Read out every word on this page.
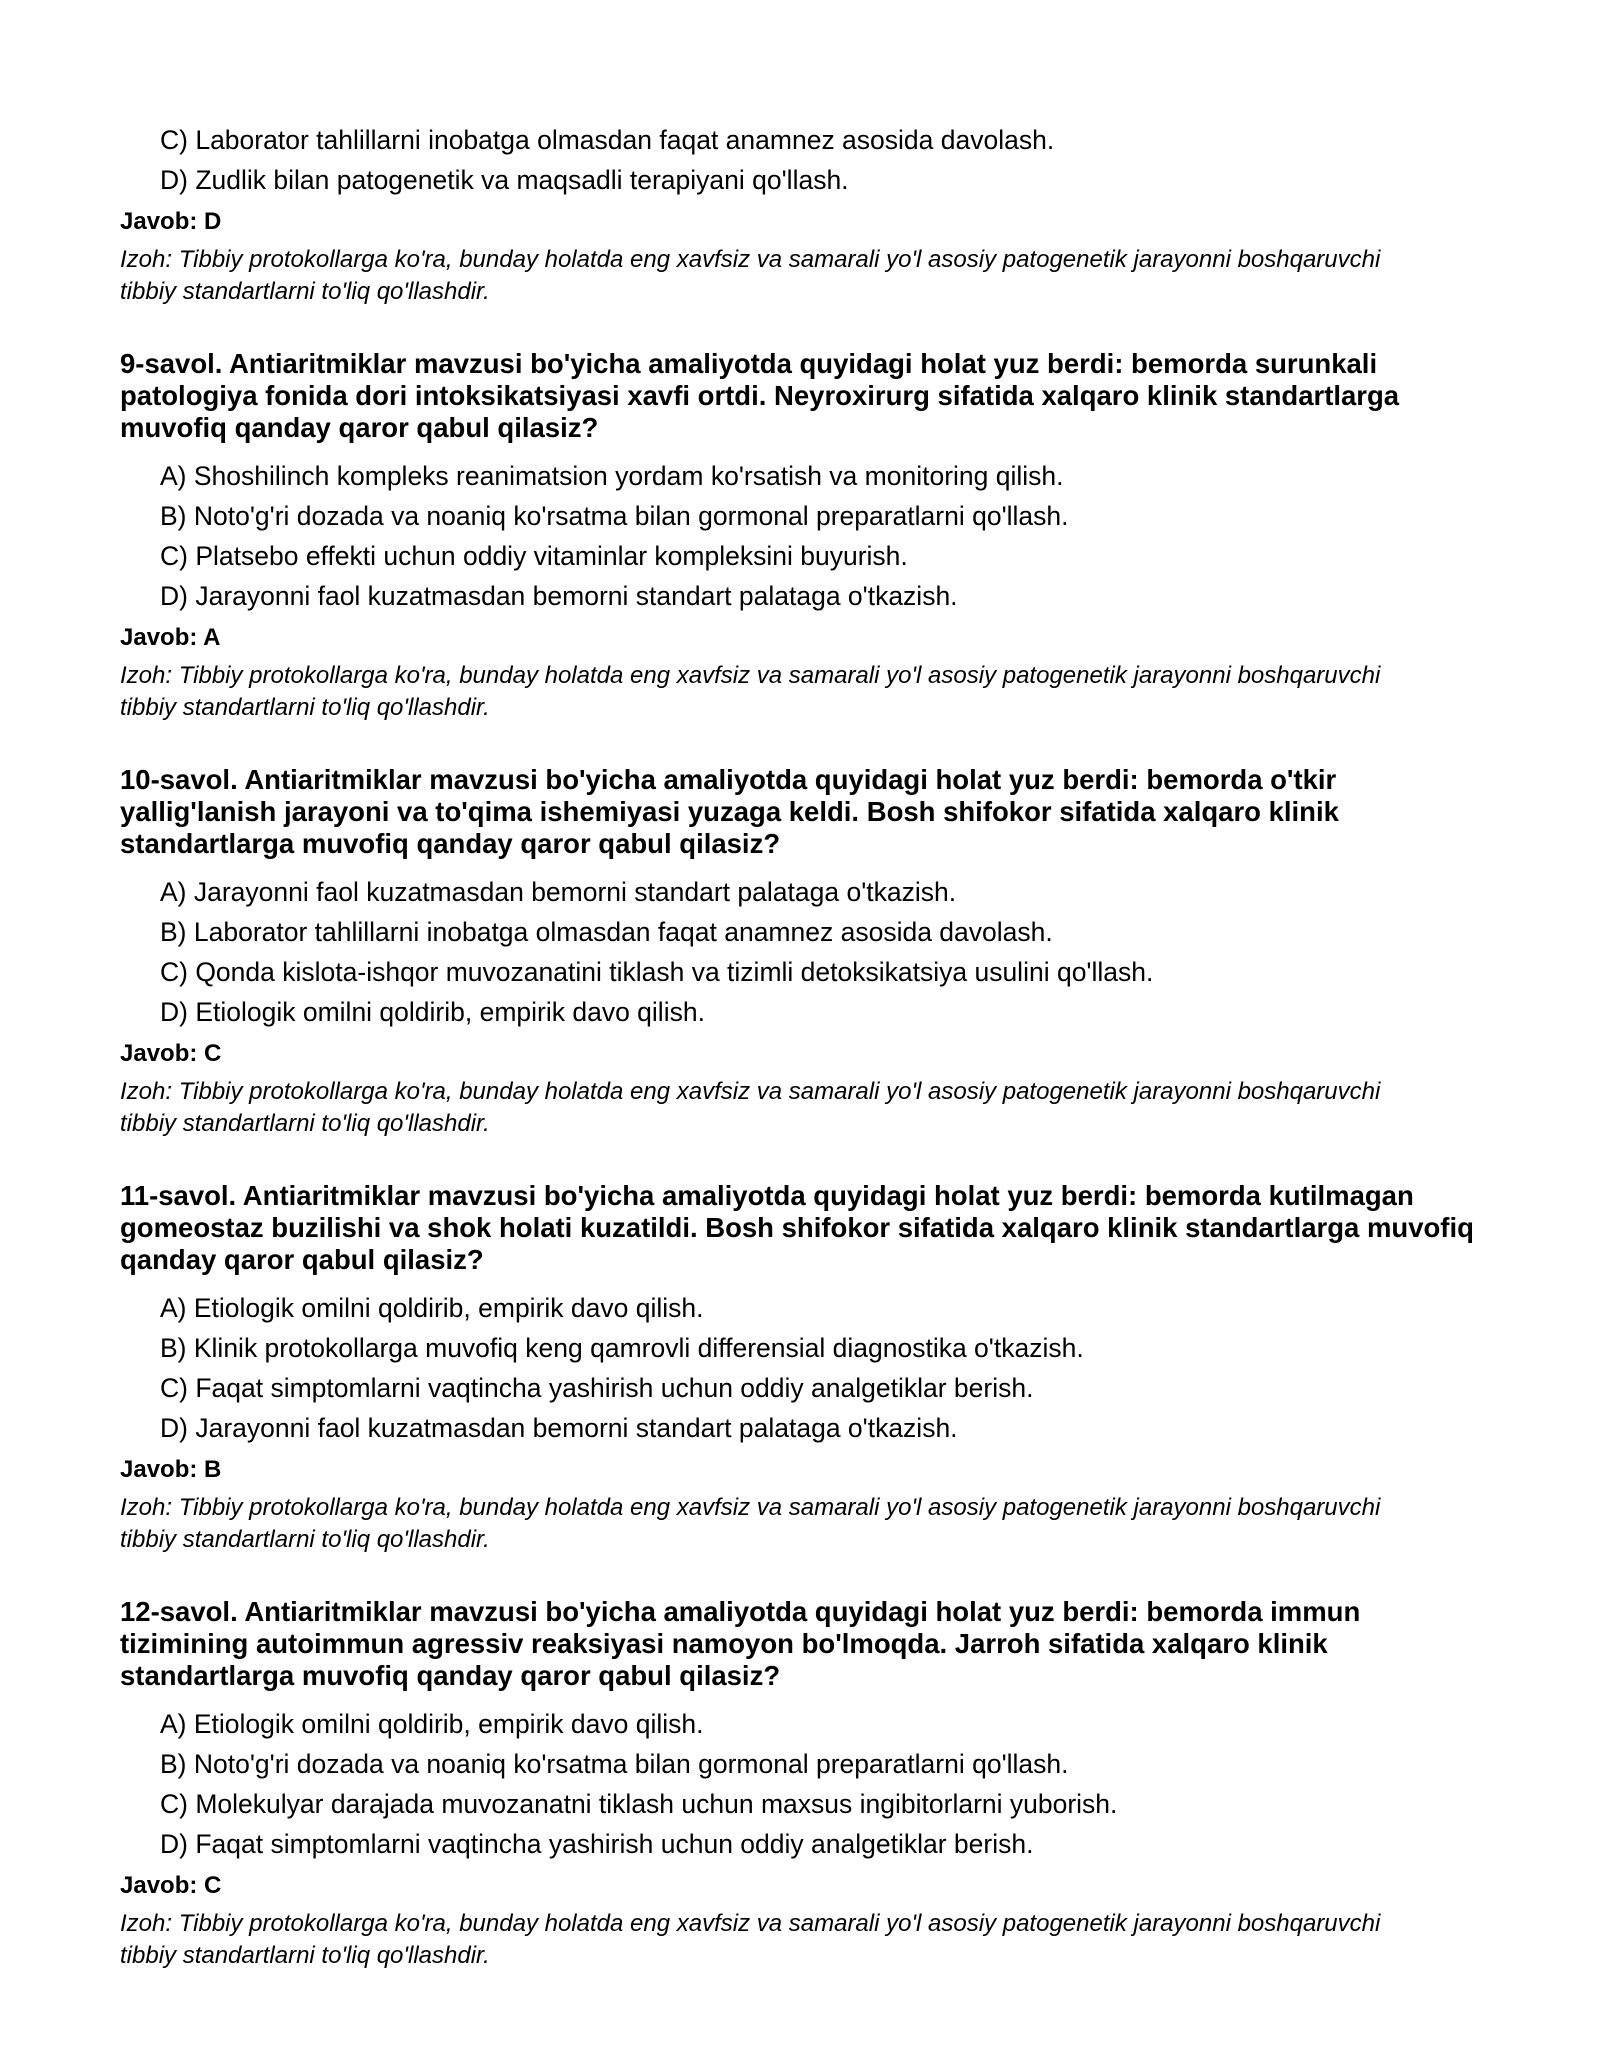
C) Laborator tahlillarni inobatga olmasdan faqat anamnez asosida davolash.
D) Zudlik bilan patogenetik va maqsadli terapiyani qo'llash.
Javob: D
Izoh: Tibbiy protokollarga ko'ra, bunday holatda eng xavfsiz va samarali yo'l asosiy patogenetik jarayonni boshqaruvchi tibbiy standartlarni to'liq qo'llashdir.

9-savol. Antiaritmiklar mavzusi bo'yicha amaliyotda quyidagi holat yuz berdi: bemorda surunkali patologiya fonida dori intoksikatsiyasi xavfi ortdi. Neyroxirurg sifatida xalqaro klinik standartlarga muvofiq qanday qaror qabul qilasiz?

A) Shoshilinch kompleks reanimatsion yordam ko'rsatish va monitoring qilish.
B) Noto'g'ri dozada va noaniq ko'rsatma bilan gormonal preparatlarni qo'llash.
C) Platsebo effekti uchun oddiy vitaminlar kompleksini buyurish.
D) Jarayonni faol kuzatmasdan bemorni standart palataga o'tkazish.
Javob: A
Izoh: Tibbiy protokollarga ko'ra, bunday holatda eng xavfsiz va samarali yo'l asosiy patogenetik jarayonni boshqaruvchi tibbiy standartlarni to'liq qo'llashdir.

10-savol. Antiaritmiklar mavzusi bo'yicha amaliyotda quyidagi holat yuz berdi: bemorda o'tkir yallig'lanish jarayoni va to'qima ishemiyasi yuzaga keldi. Bosh shifokor sifatida xalqaro klinik standartlarga muvofiq qanday qaror qabul qilasiz?

A) Jarayonni faol kuzatmasdan bemorni standart palataga o'tkazish.
B) Laborator tahlillarni inobatga olmasdan faqat anamnez asosida davolash.
C) Qonda kislota-ishqor muvozanatini tiklash va tizimli detoksikatsiya usulini qo'llash.
D) Etiologik omilni qoldirib, empirik davo qilish.
Javob: C
Izoh: Tibbiy protokollarga ko'ra, bunday holatda eng xavfsiz va samarali yo'l asosiy patogenetik jarayonni boshqaruvchi tibbiy standartlarni to'liq qo'llashdir.

11-savol. Antiaritmiklar mavzusi bo'yicha amaliyotda quyidagi holat yuz berdi: bemorda kutilmagan gomeostaz buzilishi va shok holati kuzatildi. Bosh shifokor sifatida xalqaro klinik standartlarga muvofiq qanday qaror qabul qilasiz?

A) Etiologik omilni qoldirib, empirik davo qilish.
B) Klinik protokollarga muvofiq keng qamrovli differensial diagnostika o'tkazish.
C) Faqat simptomlarni vaqtincha yashirish uchun oddiy analgetiklar berish.
D) Jarayonni faol kuzatmasdan bemorni standart palataga o'tkazish.
Javob: B
Izoh: Tibbiy protokollarga ko'ra, bunday holatda eng xavfsiz va samarali yo'l asosiy patogenetik jarayonni boshqaruvchi tibbiy standartlarni to'liq qo'llashdir.

12-savol. Antiaritmiklar mavzusi bo'yicha amaliyotda quyidagi holat yuz berdi: bemorda immun tizimining autoimmun agressiv reaksiyasi namoyon bo'lmoqda. Jarroh sifatida xalqaro klinik standartlarga muvofiq qanday qaror qabul qilasiz?

A) Etiologik omilni qoldirib, empirik davo qilish.
B) Noto'g'ri dozada va noaniq ko'rsatma bilan gormonal preparatlarni qo'llash.
C) Molekulyar darajada muvozanatni tiklash uchun maxsus ingibitorlarni yuborish.
D) Faqat simptomlarni vaqtincha yashirish uchun oddiy analgetiklar berish.
Javob: C
Izoh: Tibbiy protokollarga ko'ra, bunday holatda eng xavfsiz va samarali yo'l asosiy patogenetik jarayonni boshqaruvchi tibbiy standartlarni to'liq qo'llashdir.
